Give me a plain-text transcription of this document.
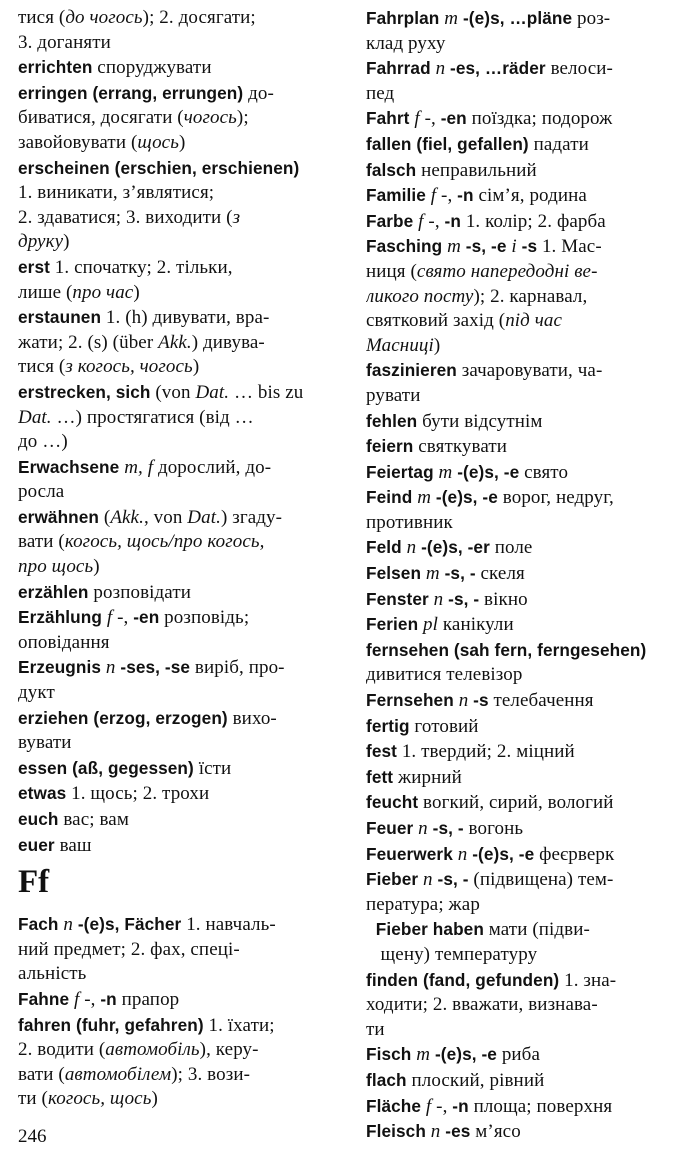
тися (до чогось); 2. досягати;
3. доганяти
errichten споруджувати
erringen (errang, errungen) до-
биватися, досягати (чогось);
завойовувати (щось)
erscheinen (erschien, erschienen)
1. виникати, з’являтися;
2. здаватися; 3. виходити (з
друку)
erst 1. спочатку; 2. тільки,
лише (про час)
erstaunen 1. (h) дивувати, вра-
жати; 2. (s) (über Akk.) дивува-
тися (з когось, чогось)
erstrecken, sich (von Dat. … bis zu
Dat. …) простягатися (від …
до …)
Erwachsene m, f дорослий, до-
росла
erwähnen (Akk., von Dat.) згаду-
вати (когось, щось/про когось,
про щось)
erzählen розповідати
Erzählung f -, -en розповідь;
оповідання
Erzeugnis n -ses, -se виріб, про-
дукт
erziehen (erzog, erzogen) вихо-
вувати
essen (aß, gegessen) їсти
etwas 1. щось; 2. трохи
euch вас; вам
euer ваш
Ff
Fach n -(e)s, Fächer 1. навчаль-
ний предмет; 2. фах, спеці-
альність
Fahne f -, -n прапор
fahren (fuhr, gefahren) 1. їхати;
2. водити (автомобіль), керу-
вати (автомобілем); 3. вози-
ти (когось, щось)
Fahrplan m -(e)s, …pläne роз-
клад руху
Fahrrad n -es, …räder велоси-
пед
Fahrt f -, -en поїздка; подорож
fallen (fiel, gefallen) падати
falsch неправильний
Familie f -, -n сім’я, родина
Farbe f -, -n 1. колір; 2. фарба
Fasching m -s, -e i -s 1. Мас-
ниця (свято напередодні ве-
ликого посту); 2. карнавал,
святковий захід (під час
Масниці)
faszinieren зачаровувати, ча-
рувати
fehlen бути відсутнім
feiern святкувати
Feiertag m -(e)s, -e свято
Feind m -(e)s, -e ворог, недруг,
противник
Feld n -(e)s, -er поле
Felsen m -s, - скеля
Fenster n -s, - вікно
Ferien pl канікули
fernsehen (sah fern, ferngesehen)
дивитися телевізор
Fernsehen n -s телебачення
fertig готовий
fest 1. твердий; 2. міцний
fett жирний
feucht вогкий, сирий, вологий
Feuer n -s, - вогонь
Feuerwerk n -(e)s, -e феєрверк
Fieber n -s, - (підвищена) тем-
пература; жар
Fieber haben мати (підви-
щену) температуру
finden (fand, gefunden) 1. зна-
ходити; 2. вважати, визнава-
ти
Fisch m -(e)s, -e риба
flach плоский, рівний
Fläche f -, -n площа; поверхня
Fleisch n -es м’ясо
246
